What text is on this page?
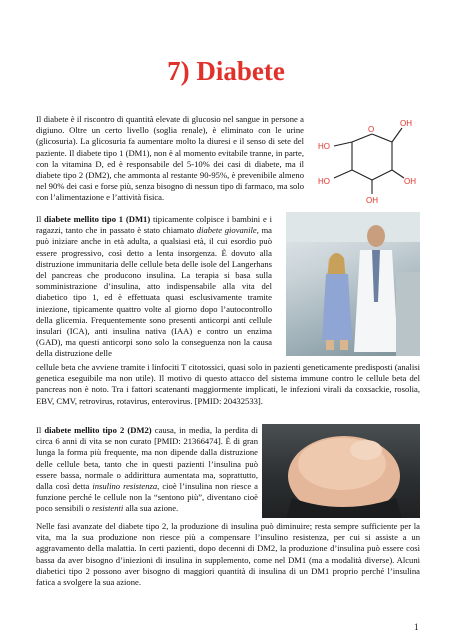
7) Diabete

Il diabete è il riscontro di quantità elevate di glucosio nel sangue in persone a digiuno. Oltre un certo livello (soglia renale), è eliminato con le urine (glicosuria). La glicosuria fa aumentare molto la diuresi e il senso di sete del paziente. Il diabete tipo 1 (DM1), non è al momento evitabile tranne, in parte, con la vitamina D, ed è responsabile del 5-10% dei casi di diabete, ma il diabete tipo 2 (DM2), che ammonta al restante 90-95%, è prevenibile almeno nel 90% dei casi e forse più, senza bisogno di nessun tipo di farmaco, ma solo con l’alimentazione e l’attività fisica.

OH
HO
O
HO	OH
OH

Il diabete mellito tipo 1 (DM1) tipicamente colpisce i bambini e i ragazzi, tanto che in passato è stato chiamato diabete giovanile, ma può iniziare anche in età adulta, a qualsiasi età, il cui esordio può essere progressivo, così detto a lenta insorgenza. È dovuto alla distruzione immunitaria delle cellule beta delle isole del Langerhans del pancreas che producono insulina. La terapia si basa sulla somministrazione d’insulina, atto indispensabile alla vita del diabetico tipo 1, ed è effettuata quasi esclusivamente tramite iniezione, tipicamente quattro volte al giorno dopo l’autocontrollo della glicemia. Frequentemente sono presenti anticorpi anti cellule insulari (ICA), anti insulina nativa (IAA) e contro un enzima (GAD), ma questi anticorpi sono solo la conseguenza non la causa della distruzione delle

cellule beta che avviene tramite i linfociti T citotossici, quasi solo in pazienti geneticamente predisposti (analisi genetica eseguibile ma non utile). Il motivo di questo attacco del sistema immune contro le cellule beta del pancreas non è noto. Tra i fattori scatenanti maggiormente implicati, le infezioni virali da coxsackie, rosolia, EBV, CMV, retrovirus, rotavirus, enterovirus. [PMID: 20432533].

Il diabete mellito tipo 2 (DM2) causa, in media, la perdita di circa 6 anni di vita se non curato [PMID: 21366474]. È di gran lunga la forma più frequente, ma non dipende dalla distruzione delle cellule beta, tanto che in questi pazienti l’insulina può essere bassa, normale o addirittura aumentata ma, soprattutto, dalla così detta insulino resistenza, cioè l’insulina non riesce a funzione perché le cellule non la “sentono più”, diventano cioè poco sensibili o resistenti alla sua azione.

Nelle fasi avanzate del diabete tipo 2, la produzione di insulina può diminuire; resta sempre sufficiente per la vita, ma la sua produzione non riesce più a compensare l’insulino resistenza, per cui si assiste a un aggravamento della malattia. In certi pazienti, dopo decenni di DM2, la produzione d’insulina può essere così bassa da aver bisogno d’iniezioni di insulina in supplemento, come nel DM1 (ma a modalità diverse). Alcuni diabetici tipo 2 possono aver bisogno di maggiori quantità di insulina di un DM1 proprio perché l’insulina fatica a svolgere la sua azione.

1
